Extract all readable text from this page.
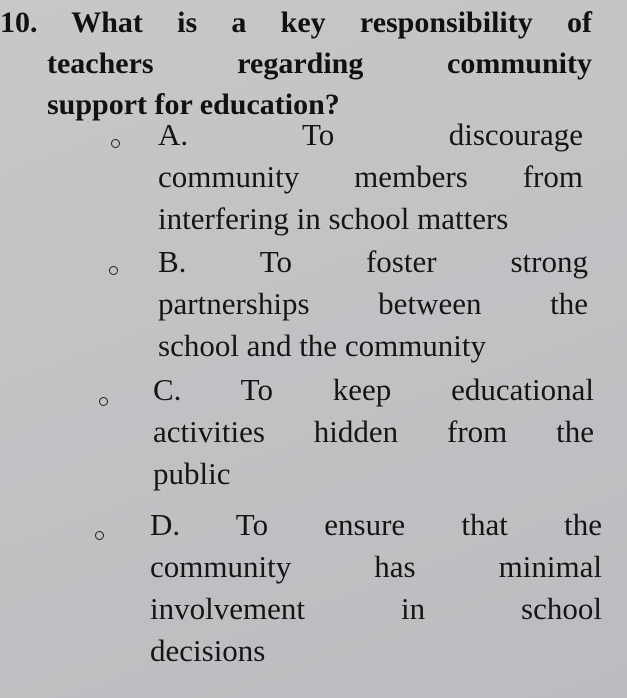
10. What is a key responsibility of
teachers regarding community
support for education?
A. To discourage
community members from
interfering in school matters
B. To foster strong
partnerships between the
school and the community
C. To keep educational
activities hidden from the
public
D. To ensure that the
community has minimal
involvement in school
decisions
